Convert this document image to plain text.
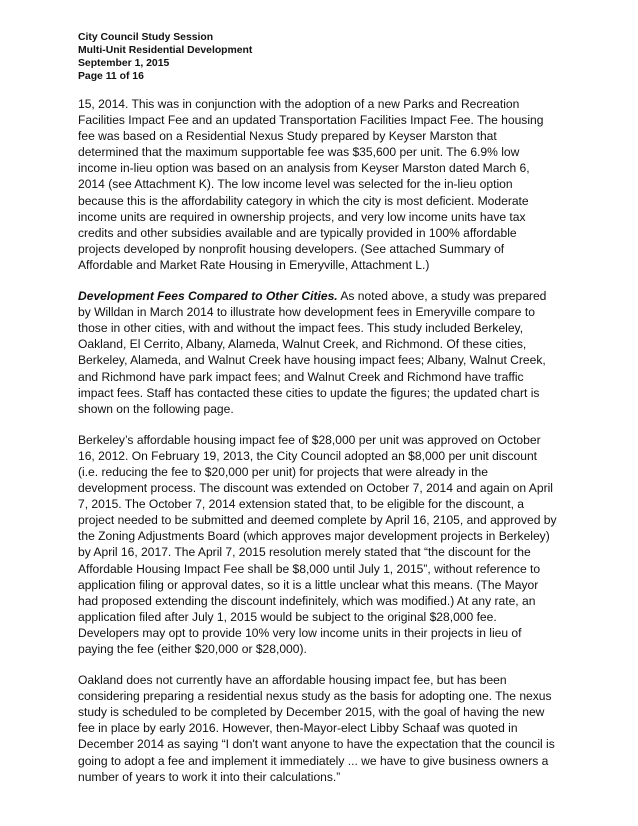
City Council Study Session
Multi-Unit Residential Development
September 1, 2015
Page 11 of 16

15, 2014. This was in conjunction with the adoption of a new Parks and Recreation Facilities Impact Fee and an updated Transportation Facilities Impact Fee. The housing fee was based on a Residential Nexus Study prepared by Keyser Marston that determined that the maximum supportable fee was $35,600 per unit. The 6.9% low income in-lieu option was based on an analysis from Keyser Marston dated March 6, 2014 (see Attachment K). The low income level was selected for the in-lieu option because this is the affordability category in which the city is most deficient. Moderate income units are required in ownership projects, and very low income units have tax credits and other subsidies available and are typically provided in 100% affordable projects developed by nonprofit housing developers. (See attached Summary of Affordable and Market Rate Housing in Emeryville, Attachment L.)

Development Fees Compared to Other Cities. As noted above, a study was prepared by Willdan in March 2014 to illustrate how development fees in Emeryville compare to those in other cities, with and without the impact fees. This study included Berkeley, Oakland, El Cerrito, Albany, Alameda, Walnut Creek, and Richmond. Of these cities, Berkeley, Alameda, and Walnut Creek have housing impact fees; Albany, Walnut Creek, and Richmond have park impact fees; and Walnut Creek and Richmond have traffic impact fees. Staff has contacted these cities to update the figures; the updated chart is shown on the following page.

Berkeley’s affordable housing impact fee of $28,000 per unit was approved on October 16, 2012. On February 19, 2013, the City Council adopted an $8,000 per unit discount (i.e. reducing the fee to $20,000 per unit) for projects that were already in the development process. The discount was extended on October 7, 2014 and again on April 7, 2015. The October 7, 2014 extension stated that, to be eligible for the discount, a project needed to be submitted and deemed complete by April 16, 2105, and approved by the Zoning Adjustments Board (which approves major development projects in Berkeley) by April 16, 2017. The April 7, 2015 resolution merely stated that “the discount for the Affordable Housing Impact Fee shall be $8,000 until July 1, 2015”, without reference to application filing or approval dates, so it is a little unclear what this means. (The Mayor had proposed extending the discount indefinitely, which was modified.) At any rate, an application filed after July 1, 2015 would be subject to the original $28,000 fee. Developers may opt to provide 10% very low income units in their projects in lieu of paying the fee (either $20,000 or $28,000).

Oakland does not currently have an affordable housing impact fee, but has been considering preparing a residential nexus study as the basis for adopting one. The nexus study is scheduled to be completed by December 2015, with the goal of having the new fee in place by early 2016. However, then-Mayor-elect Libby Schaaf was quoted in December 2014 as saying “I don't want anyone to have the expectation that the council is going to adopt a fee and implement it immediately ... we have to give business owners a number of years to work it into their calculations.”
